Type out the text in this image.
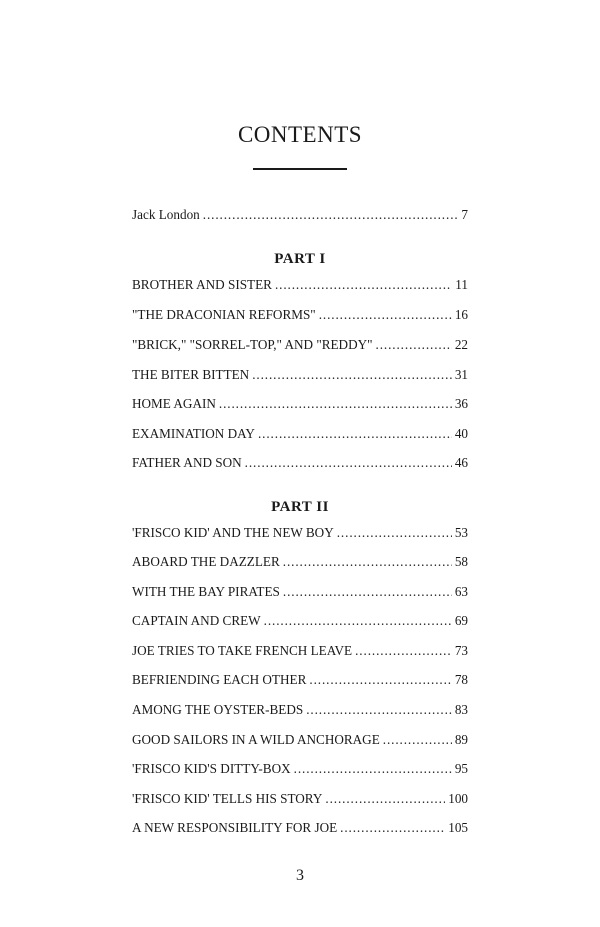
CONTENTS
Jack London . . .	7
BROTHER AND SISTER . . .	11
"THE DRACONIAN REFORMS" . . .	16
"BRICK," "SORREL-TOP," AND "REDDY" . . .	22
THE BITER BITTEN . . .	31
HOME AGAIN . . .	36
EXAMINATION DAY . . .	40
FATHER AND SON . . .	46
'FRISCO KID' AND THE NEW BOY . . .	53
ABOARD THE DAZZLER . . .	58
WITH THE BAY PIRATES . . .	63
CAPTAIN AND CREW . . .	69
JOE TRIES TO TAKE FRENCH LEAVE . . .	73
BEFRIENDING EACH OTHER . . .	78
AMONG THE OYSTER-BEDS . . .	83
GOOD SAILORS IN A WILD ANCHORAGE . . .	89
'FRISCO KID'S DITTY-BOX . . .	95
'FRISCO KID' TELLS HIS STORY . . .	100
A NEW RESPONSIBILITY FOR JOE . . .	105
PART I
PART II
3
